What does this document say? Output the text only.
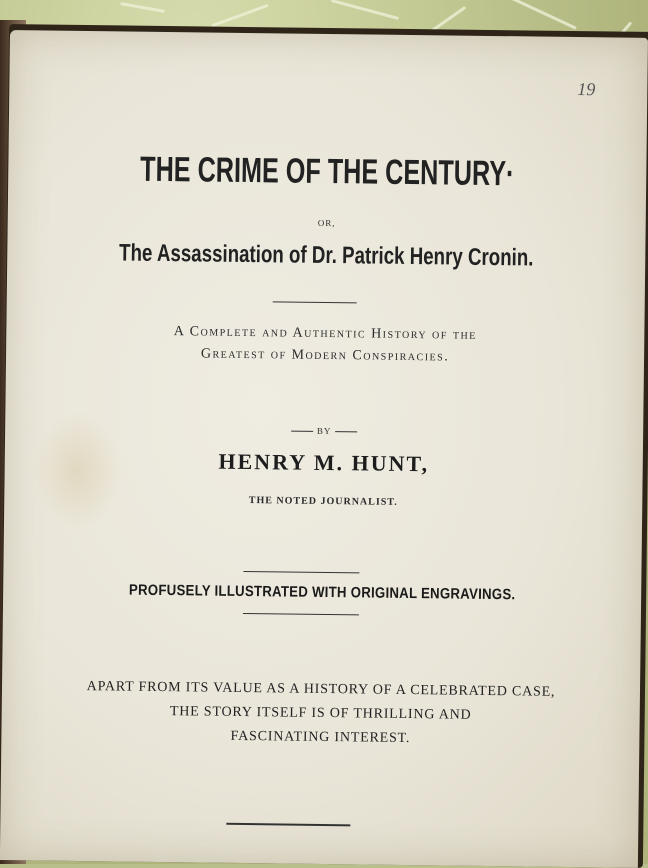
19
THE CRIME OF THE CENTURY·
OR,
The Assassination of Dr. Patrick Henry Cronin.
A Complete and Authentic History of the
Greatest of Modern Conspiracies.
BY
HENRY M. HUNT,
THE NOTED JOURNALIST.
PROFUSELY ILLUSTRATED WITH ORIGINAL ENGRAVINGS.
APART FROM ITS VALUE AS A HISTORY OF A CELEBRATED CASE,
THE STORY ITSELF IS OF THRILLING AND
FASCINATING INTEREST.
